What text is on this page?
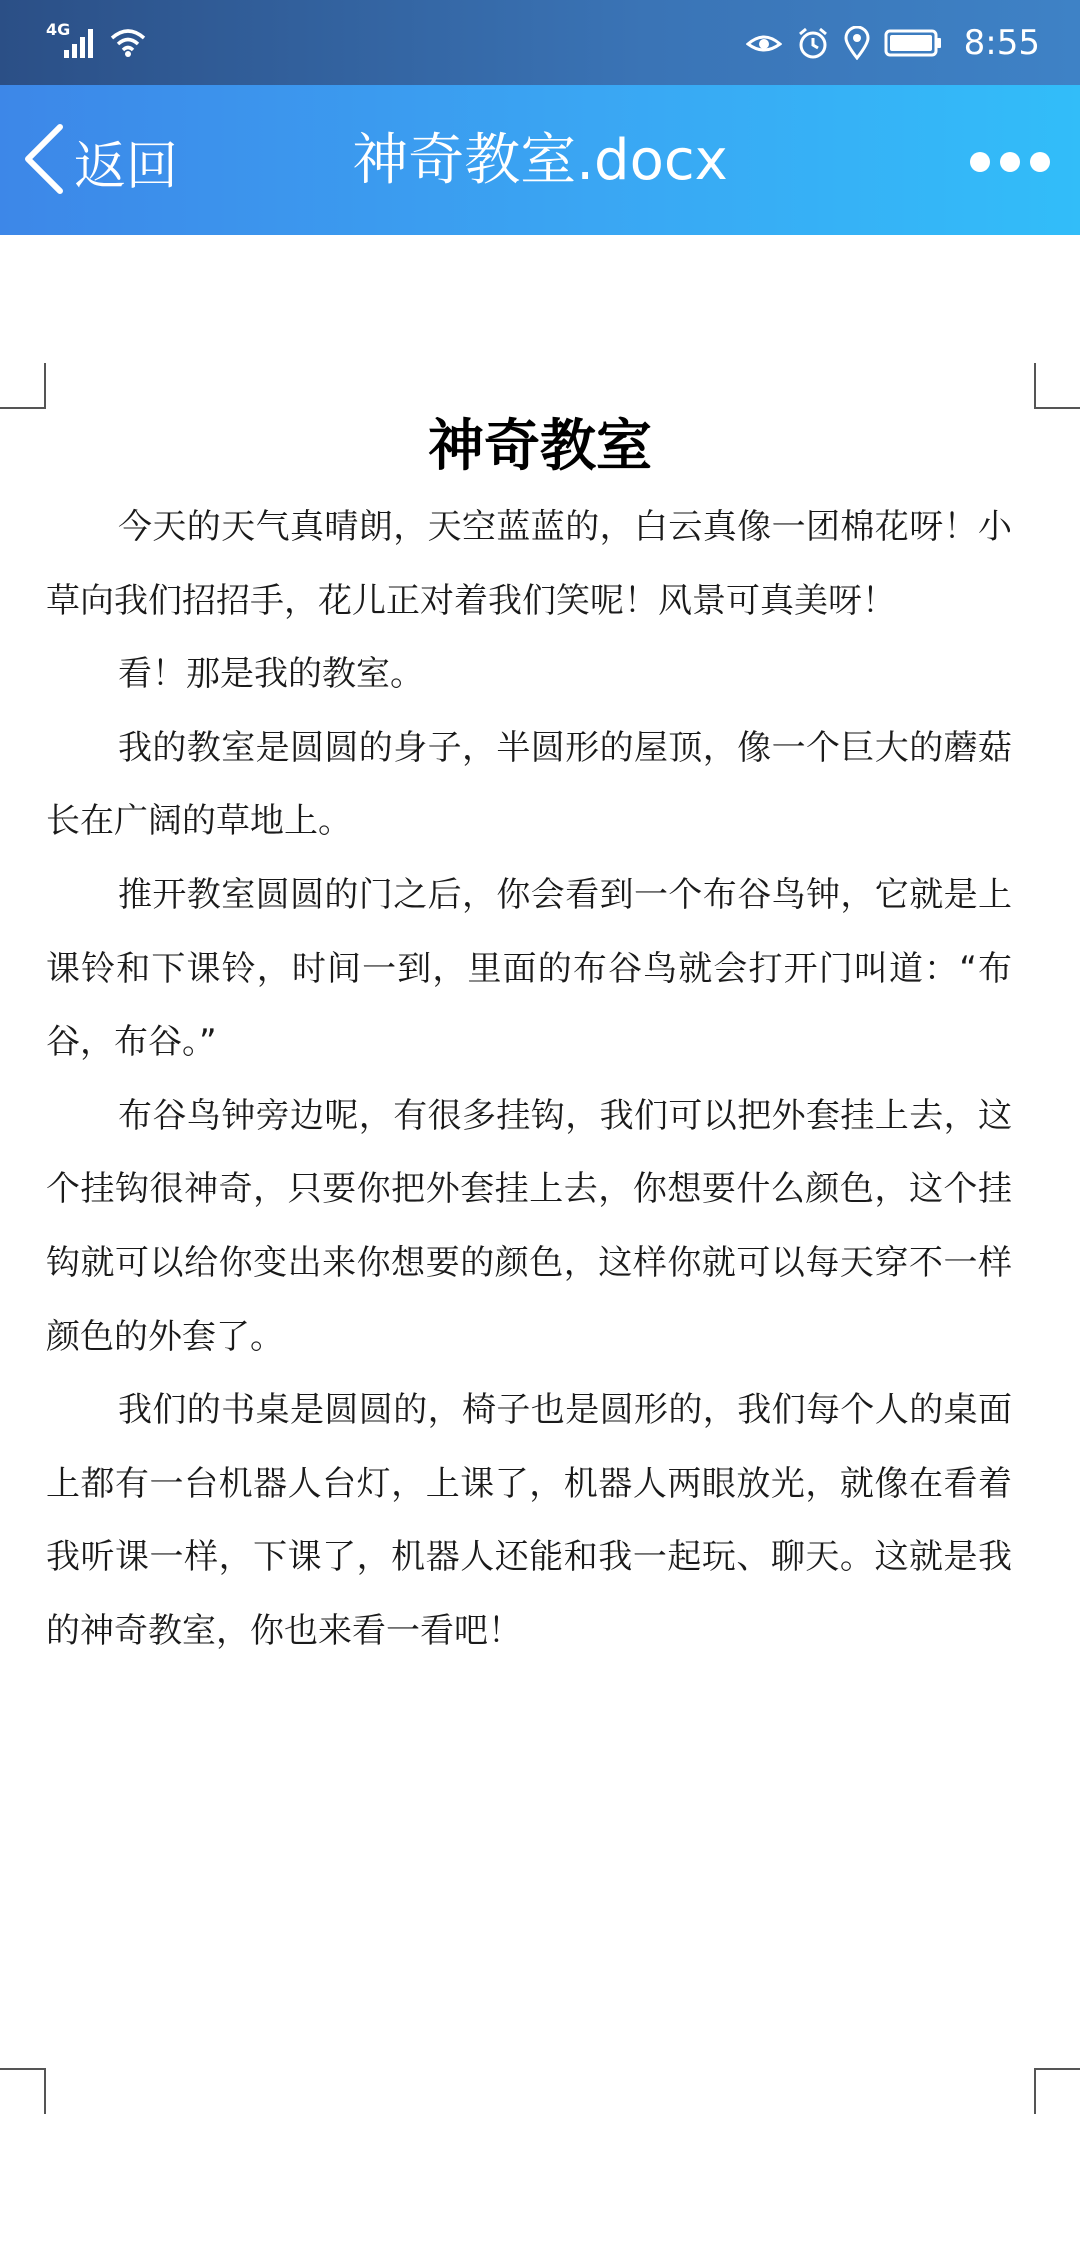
4G	8:55
返回	神奇教室.docx
神奇教室

今天的天气真晴朗，天空蓝蓝的，白云真像一团棉花呀！小草向我们招招手，花儿正对着我们笑呢！风景可真美呀！

看！那是我的教室。

我的教室是圆圆的身子，半圆形的屋顶，像一个巨大的蘑菇长在广阔的草地上。

推开教室圆圆的门之后，你会看到一个布谷鸟钟，它就是上课铃和下课铃，时间一到，里面的布谷鸟就会打开门叫道：“布谷，布谷。”

布谷鸟钟旁边呢，有很多挂钩，我们可以把外套挂上去，这个挂钩很神奇，只要你把外套挂上去，你想要什么颜色，这个挂钩就可以给你变出来你想要的颜色，这样你就可以每天穿不一样颜色的外套了。

我们的书桌是圆圆的，椅子也是圆形的，我们每个人的桌面上都有一台机器人台灯，上课了，机器人两眼放光，就像在看着我听课一样，下课了，机器人还能和我一起玩、聊天。这就是我的神奇教室，你也来看一看吧！
